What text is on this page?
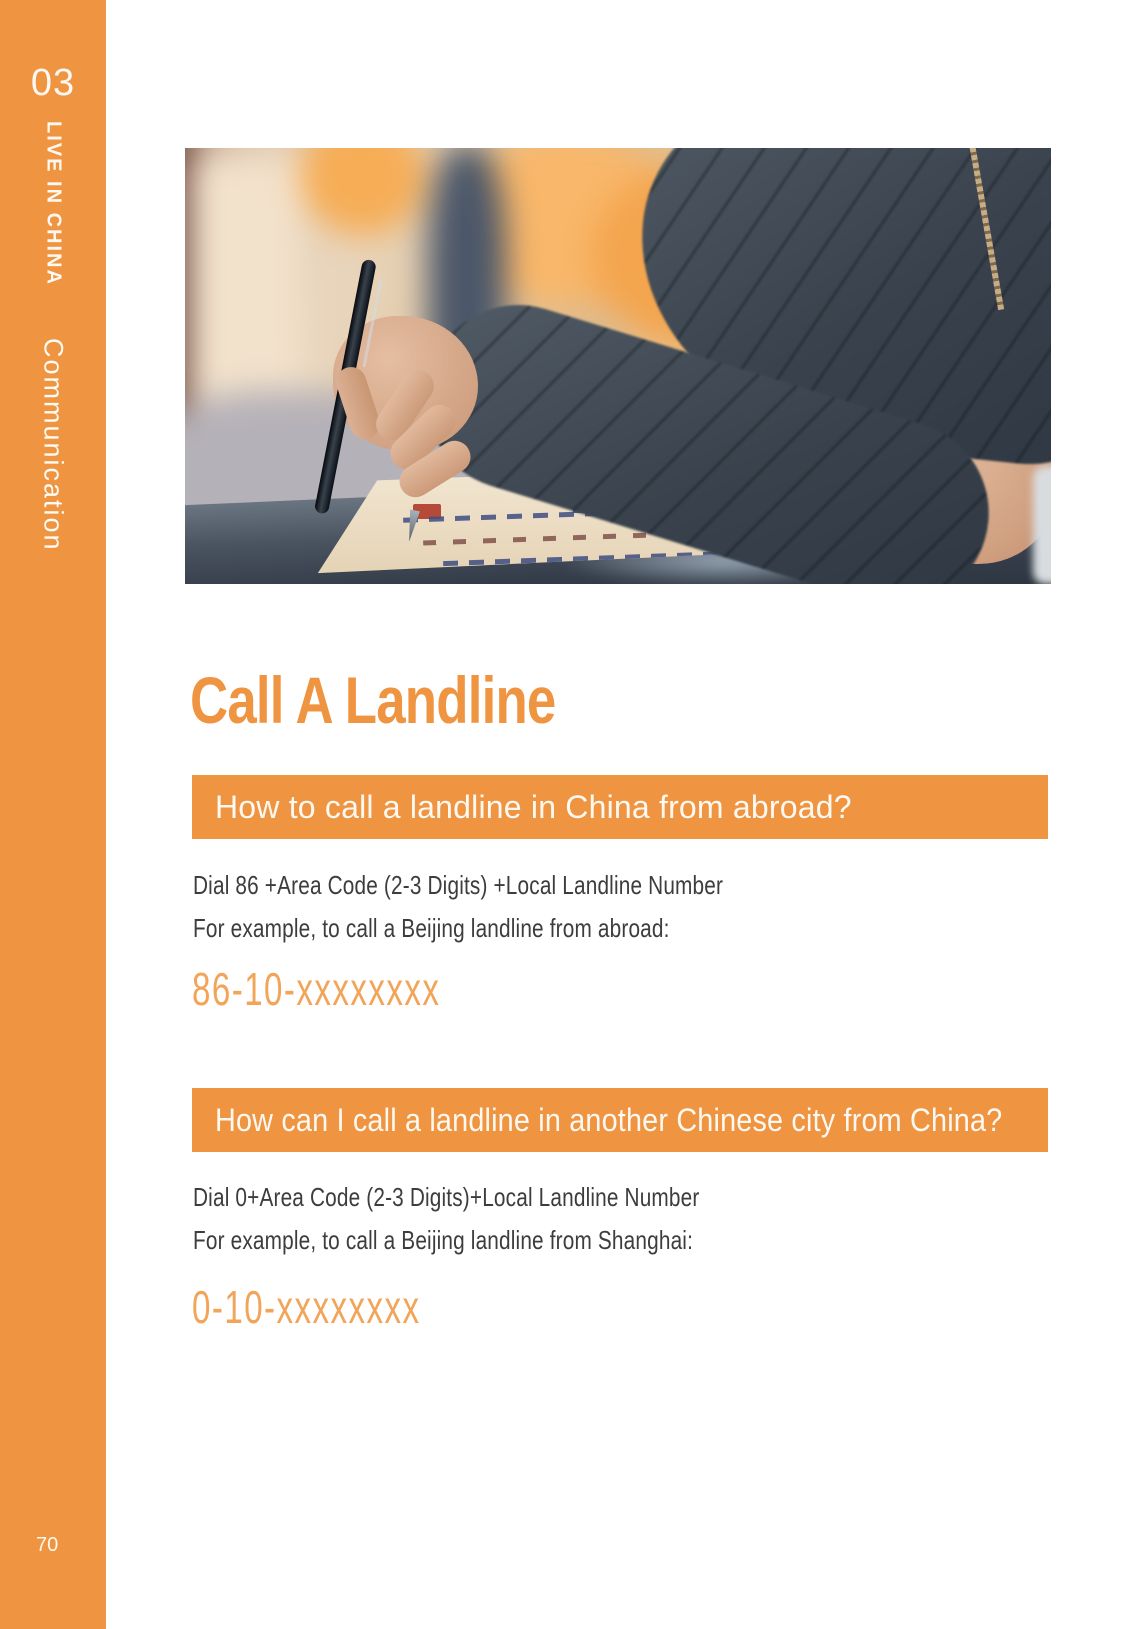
03
LIVE IN CHINA
Communication
70
Call A Landline
How to call a landline in China from abroad?

Dial 86 +Area Code (2-3 Digits) +Local Landline Number

For example, to call a Beijing landline from abroad:

86-10-xxxxxxxx

How can I call a landline in another Chinese city from China?

Dial 0+Area Code (2-3 Digits)+Local Landline Number

For example, to call a Beijing landline from Shanghai:

0-10-xxxxxxxx
